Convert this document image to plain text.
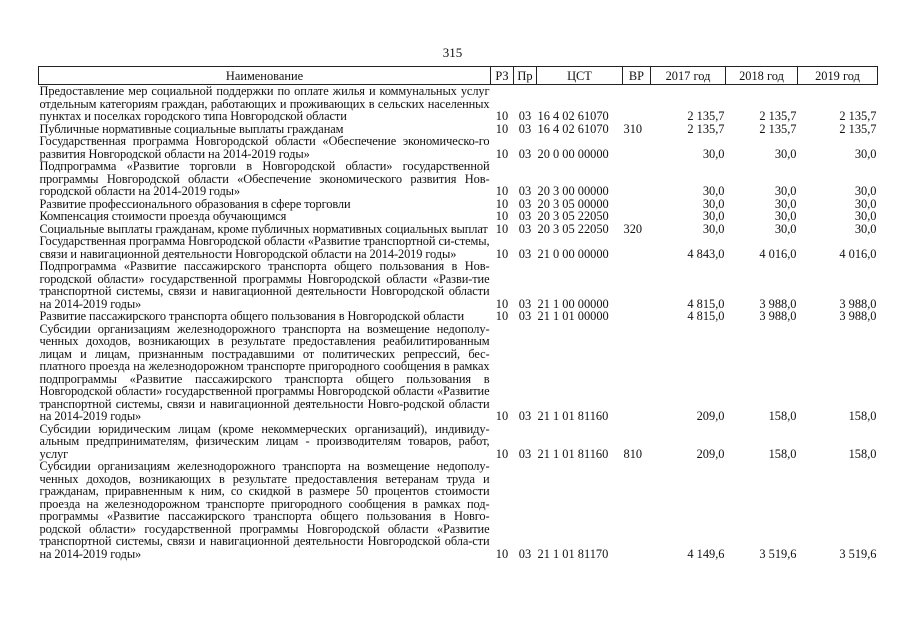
315
Наименование	РЗ	Пр	ЦСТ	ВР	2017 год	2018 год	2019 год
Предоставление мер социальной поддержки по оплате жилья и коммунальных услуг отдельным категориям граждан, работающих и проживающих в сельских населенных пунктах и поселках городского типа Новгородской области	10	03	16 4 02 61070		2 135,7	2 135,7	2 135,7
Публичные нормативные социальные выплаты гражданам	10	03	16 4 02 61070	310	2 135,7	2 135,7	2 135,7
Государственная программа Новгородской области «Обеспечение экономическо-го развития Новгородской области на 2014-2019 годы»	10	03	20 0 00 00000		30,0	30,0	30,0
Подпрограмма «Развитие торговли в Новгородской области» государственной программы Новгородской области «Обеспечение экономического развития Нов-городской области на 2014-2019 годы»	10	03	20 3 00 00000		30,0	30,0	30,0
Развитие профессионального образования в сфере торговли	10	03	20 3 05 00000		30,0	30,0	30,0
Компенсация стоимости проезда обучающимся	10	03	20 3 05 22050		30,0	30,0	30,0
Социальные выплаты гражданам, кроме публичных нормативных социальных выплат	10	03	20 3 05 22050	320	30,0	30,0	30,0
Государственная программа Новгородской области «Развитие транспортной си-стемы, связи и навигационной деятельности Новгородской области на 2014-2019 годы»	10	03	21 0 00 00000		4 843,0	4 016,0	4 016,0
Подпрограмма «Развитие пассажирского транспорта общего пользования в Нов-городской области» государственной программы Новгородской области «Разви-тие транспортной системы, связи и навигационной деятельности Новгородской области на 2014-2019 годы»	10	03	21 1 00 00000		4 815,0	3 988,0	3 988,0
Развитие пассажирского транспорта общего пользования в Новгородской области	10	03	21 1 01 00000		4 815,0	3 988,0	3 988,0
Субсидии организациям железнодорожного транспорта на возмещение недополу-ченных доходов, возникающих в результате предоставления реабилитированным лицам и лицам, признанным пострадавшими от политических репрессий, бес-платного проезда на железнодорожном транспорте пригородного сообщения в рамках подпрограммы «Развитие пассажирского транспорта общего пользования в Новгородской области» государственной программы Новгородской области «Развитие транспортной системы, связи и навигационной деятельности Новго-родской области на 2014-2019 годы»	10	03	21 1 01 81160		209,0	158,0	158,0
Субсидии юридическим лицам (кроме некоммерческих организаций), индивиду-альным предпринимателям, физическим лицам - производителям товаров, работ, услуг	10	03	21 1 01 81160	810	209,0	158,0	158,0
Субсидии организациям железнодорожного транспорта на возмещение недополу-ченных доходов, возникающих в результате предоставления ветеранам труда и гражданам, приравненным к ним, со скидкой в размере 50 процентов стоимости проезда на железнодорожном транспорте пригородного сообщения в рамках под-программы «Развитие пассажирского транспорта общего пользования в Новго-родской области» государственной программы Новгородской области «Развитие транспортной системы, связи и навигационной деятельности Новгородской обла-сти на 2014-2019 годы»	10	03	21 1 01 81170		4 149,6	3 519,6	3 519,6
